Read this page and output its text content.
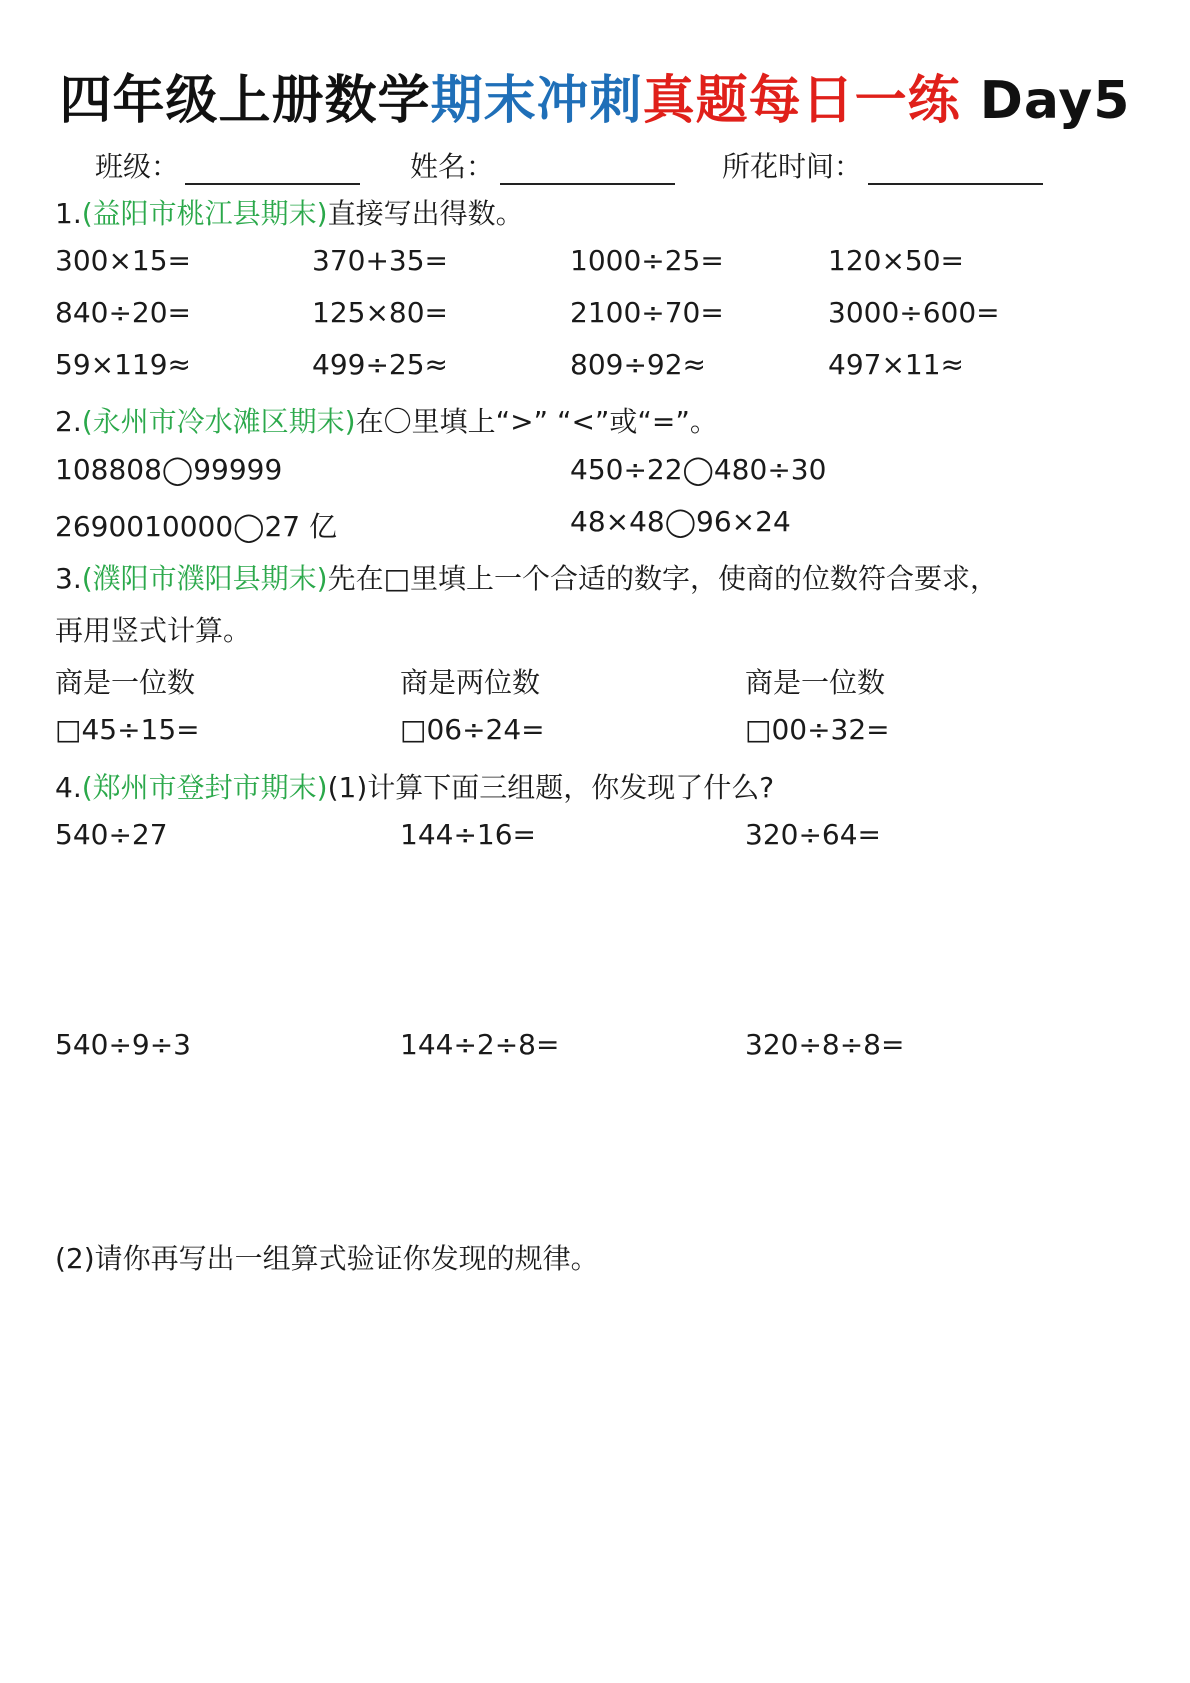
四年级上册数学期末冲刺真题每日一练 Day5
班级：	姓名：	所花时间：
1.(益阳市桃江县期末)直接写出得数。
300×15=	370+35=	1000÷25=	120×50=
840÷20=	125×80=	2100÷70=	3000÷600=
59×119≈	499÷25≈	809÷92≈	497×11≈
2.(永州市冷水滩区期末)在〇里填上“>” “<”或“=”。
108808◯99999	450÷22◯480÷30
2690010000◯27 亿	48×48◯96×24
3.(濮阳市濮阳县期末)先在□里填上一个合适的数字，使商的位数符合要求，
再用竖式计算。
商是一位数	商是两位数	商是一位数
□45÷15=	□06÷24=	□00÷32=
4.(郑州市登封市期末)(1)计算下面三组题，你发现了什么?
540÷27	144÷16=	320÷64=
540÷9÷3	144÷2÷8=	320÷8÷8=
(2)请你再写出一组算式验证你发现的规律。
